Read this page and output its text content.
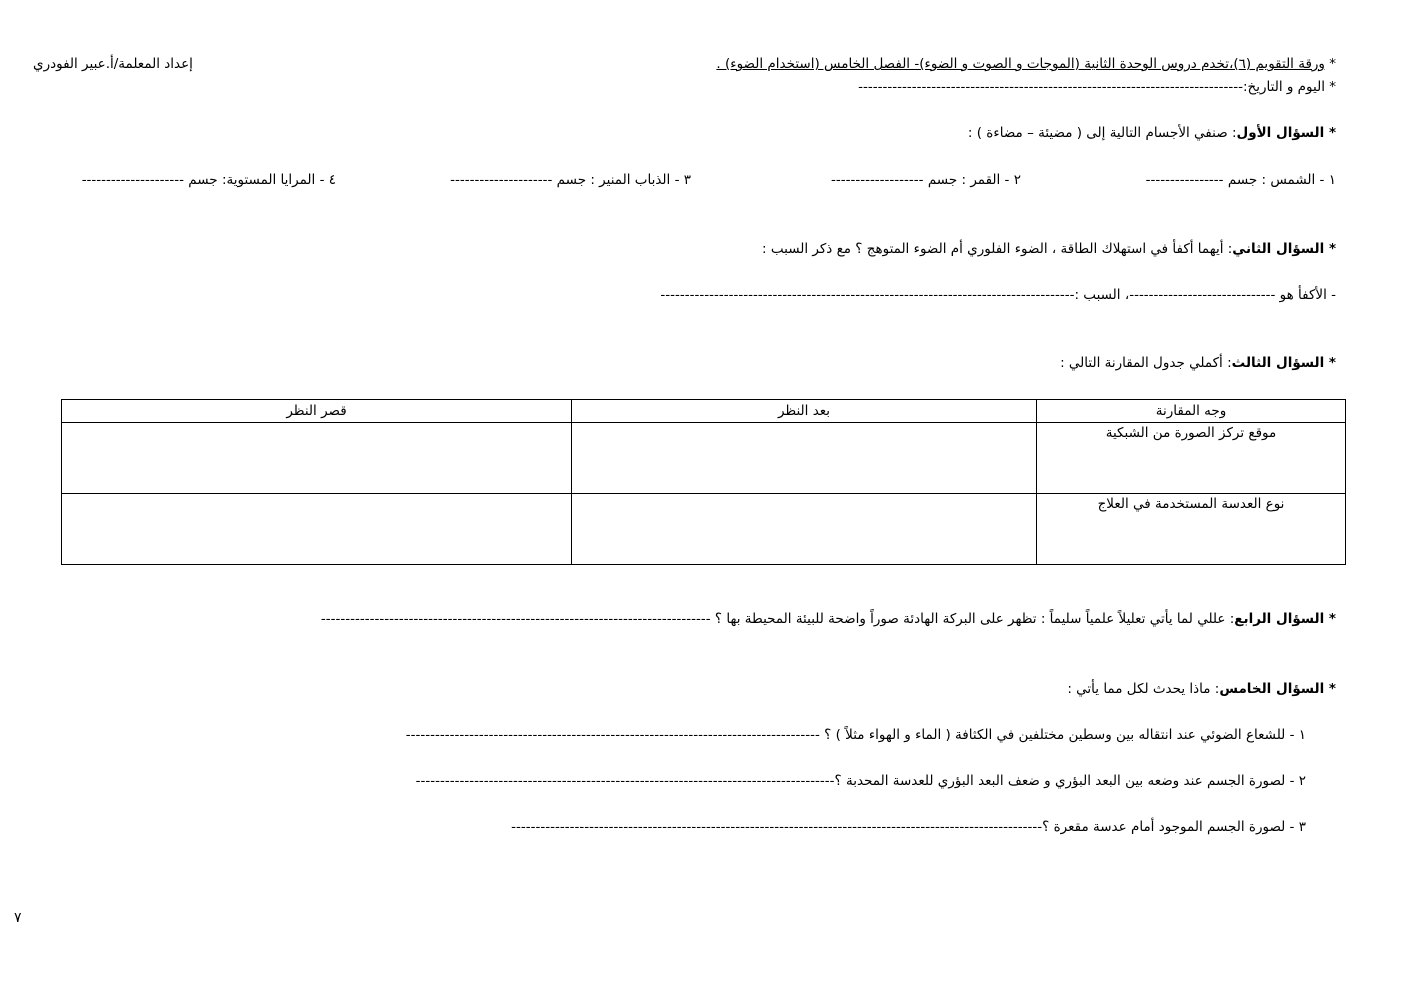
* ورقة التقويم (٦)،تخدم دروس الوحدة الثانية (الموجات و الصوت و الضوء)- الفصل الخامس (استخدام الضوء) .
إعداد المعلمة/أ.عبير الفودري
* اليوم و التاريخ:-------------------------------------------------------------------------------
* السؤال الأول: صنفي الأجسام التالية إلى ( مضيئة – مضاءة ) :
١ - الشمس : جسم ----------------
٢ - القمر : جسم -------------------
٣ - الذباب المنير : جسم ---------------------
٤ - المرايا المستوية: جسم ---------------------
* السؤال الثاني: أيهما أكفأ في استهلاك الطاقة ، الضوء الفلوري أم الضوء المتوهج ؟ مع ذكر السبب :
- الأكفأ هو ------------------------------، السبب :-------------------------------------------------------------------------------------
* السؤال الثالث: أكملي جدول المقارنة التالي :
وجه المقارنة	بعد النظر	قصر النظر
موقع تركز الصورة من الشبكية		
نوع العدسة المستخدمة في العلاج		
* السؤال الرابع: عللي لما يأتي تعليلاً علمياً سليماً : تظهر على البركة الهادئة صوراً واضحة للبيئة المحيطة بها ؟ --------------------------------------------------------------------------------
* السؤال الخامس: ماذا يحدث لكل مما يأتي :
١ - للشعاع الضوئي عند انتقاله بين وسطين مختلفين في الكثافة ( الماء و الهواء مثلاً ) ؟ -------------------------------------------------------------------------------------
٢ - لصورة الجسم عند وضعه بين البعد البؤري و ضعف البعد البؤري للعدسة المحدبة ؟--------------------------------------------------------------------------------------
٣ - لصورة الجسم الموجود أمام عدسة مقعرة ؟-------------------------------------------------------------------------------------------------------------
٧
